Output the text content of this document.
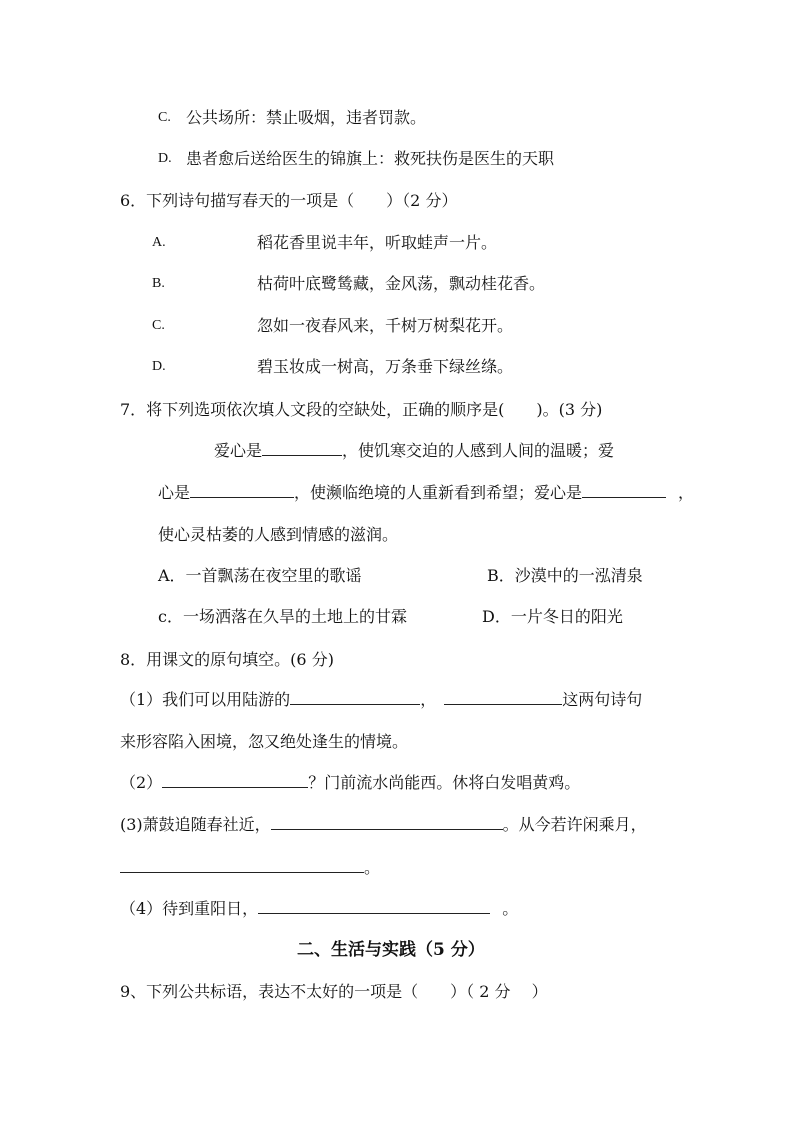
C. 公共场所：禁止吸烟，违者罚款。
D. 患者愈后送给医生的锦旗上：救死扶伤是医生的天职
6．下列诗句描写春天的一项是（　　）（2 分）
A.	稻花香里说丰年，听取蛙声一片。
B.	枯荷叶底鹭鸶藏，金风荡，飘动桂花香。
C.	忽如一夜春风来，千树万树梨花开。
D.	碧玉妆成一树高，万条垂下绿丝绦。
7．将下列选项依次填人文段的空缺处，正确的顺序是(　　)。(3 分)
爱心是	，使饥寒交迫的人感到人间的温暖；爱
心是	，使濒临绝境的人重新看到希望；爱心是	，
使心灵枯萎的人感到情感的滋润。
A．一首飘荡在夜空里的歌谣	B．沙漠中的一泓清泉
c．一场洒落在久旱的土地上的甘霖	D．一片冬日的阳光
8．用课文的原句填空。(6 分)
（1）我们可以用陆游的	，	这两句诗句
来形容陷入困境，忽又绝处逢生的情境。
（2）	？门前流水尚能西。休将白发唱黄鸡。
(3)萧鼓追随春社近，	。从今若许闲乘月，
。
（4）待到重阳日，	。
二、生活与实践（5 分）
9、下列公共标语，表达不太好的一项是（　　）（ 2 分　 ）
